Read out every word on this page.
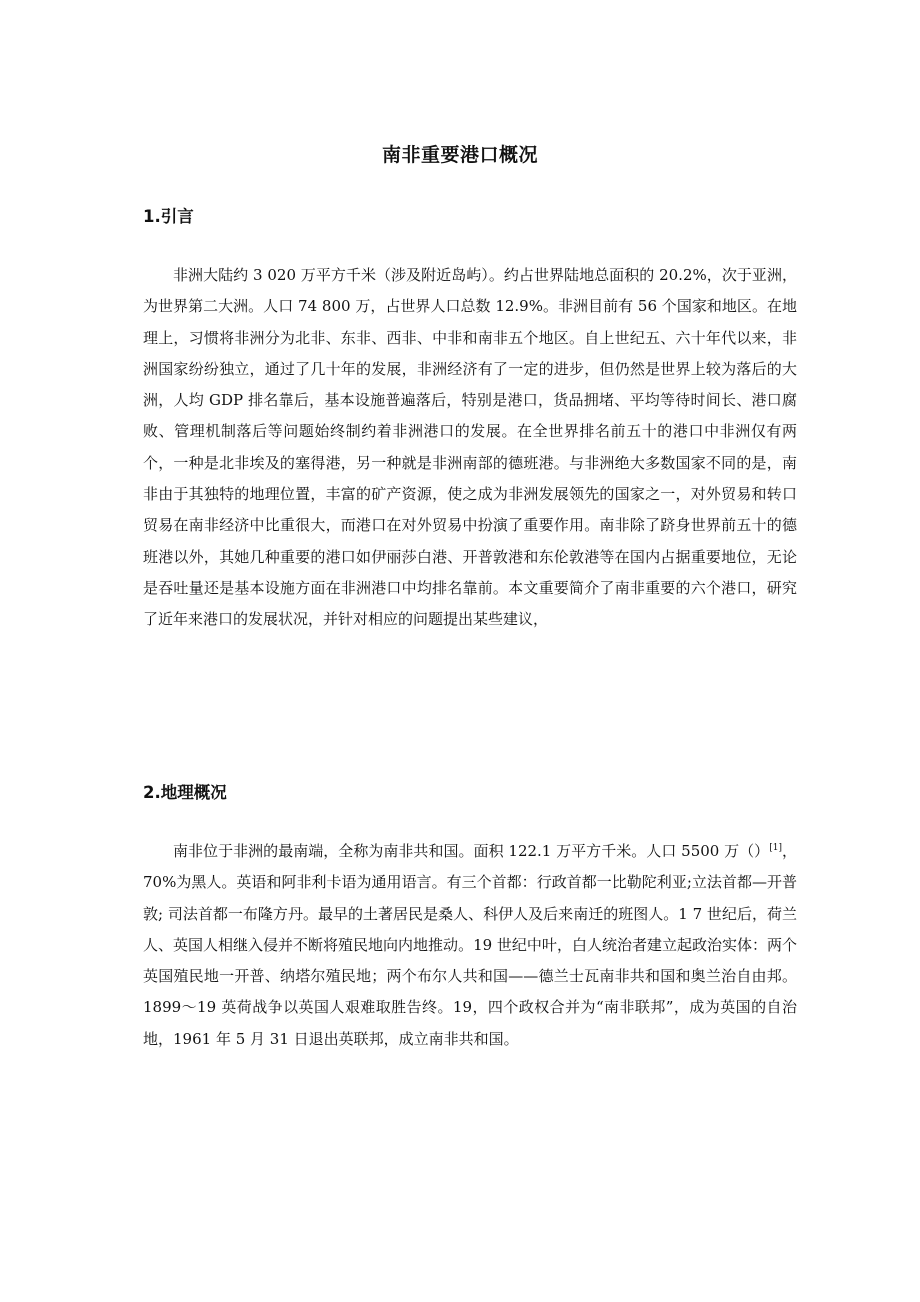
南非重要港口概况
1.引言

非洲大陆约 3 020 万平方千米（涉及附近岛屿）。约占世界陆地总面积的 20.2%，次于亚洲，为世界第二大洲。人口 74 800 万，占世界人口总数 12.9%。非洲目前有 56 个国家和地区。在地理上，习惯将非洲分为北非、东非、西非、中非和南非五个地区。自上世纪五、六十年代以来，非洲国家纷纷独立，通过了几十年的发展，非洲经济有了一定的进步，但仍然是世界上较为落后的大洲，人均 GDP 排名靠后，基本设施普遍落后，特别是港口，货品拥堵、平均等待时间长、港口腐败、管理机制落后等问题始终制约着非洲港口的发展。在全世界排名前五十的港口中非洲仅有两个，一种是北非埃及的塞得港，另一种就是非洲南部的德班港。与非洲绝大多数国家不同的是，南非由于其独特的地理位置，丰富的矿产资源，使之成为非洲发展领先的国家之一，对外贸易和转口贸易在南非经济中比重很大，而港口在对外贸易中扮演了重要作用。南非除了跻身世界前五十的德班港以外，其她几种重要的港口如伊丽莎白港、开普敦港和东伦敦港等在国内占据重要地位，无论是吞吐量还是基本设施方面在非洲港口中均排名靠前。本文重要简介了南非重要的六个港口，研究了近年来港口的发展状况，并针对相应的问题提出某些建议，

2.地理概况

南非位于非洲的最南端，全称为南非共和国。面积 122.1 万平方千米。人口 5500 万（）[1]，70%为黑人。英语和阿非利卡语为通用语言。有三个首都：行政首都一比勒陀利亚;立法首都—开普敦; 司法首都一布隆方丹。最早的土著居民是桑人、科伊人及后来南迁的班图人。1 7 世纪后，荷兰人、英国人相继入侵并不断将殖民地向内地推动。19 世纪中叶，白人统治者建立起政治实体：两个英国殖民地一开普、纳塔尔殖民地；两个布尔人共和国——德兰士瓦南非共和国和奥兰治自由邦。1899～19 英荷战争以英国人艰难取胜告终。19，四个政权合并为“南非联邦”，成为英国的自治地，1961 年 5 月 31 日退出英联邦，成立南非共和国。
